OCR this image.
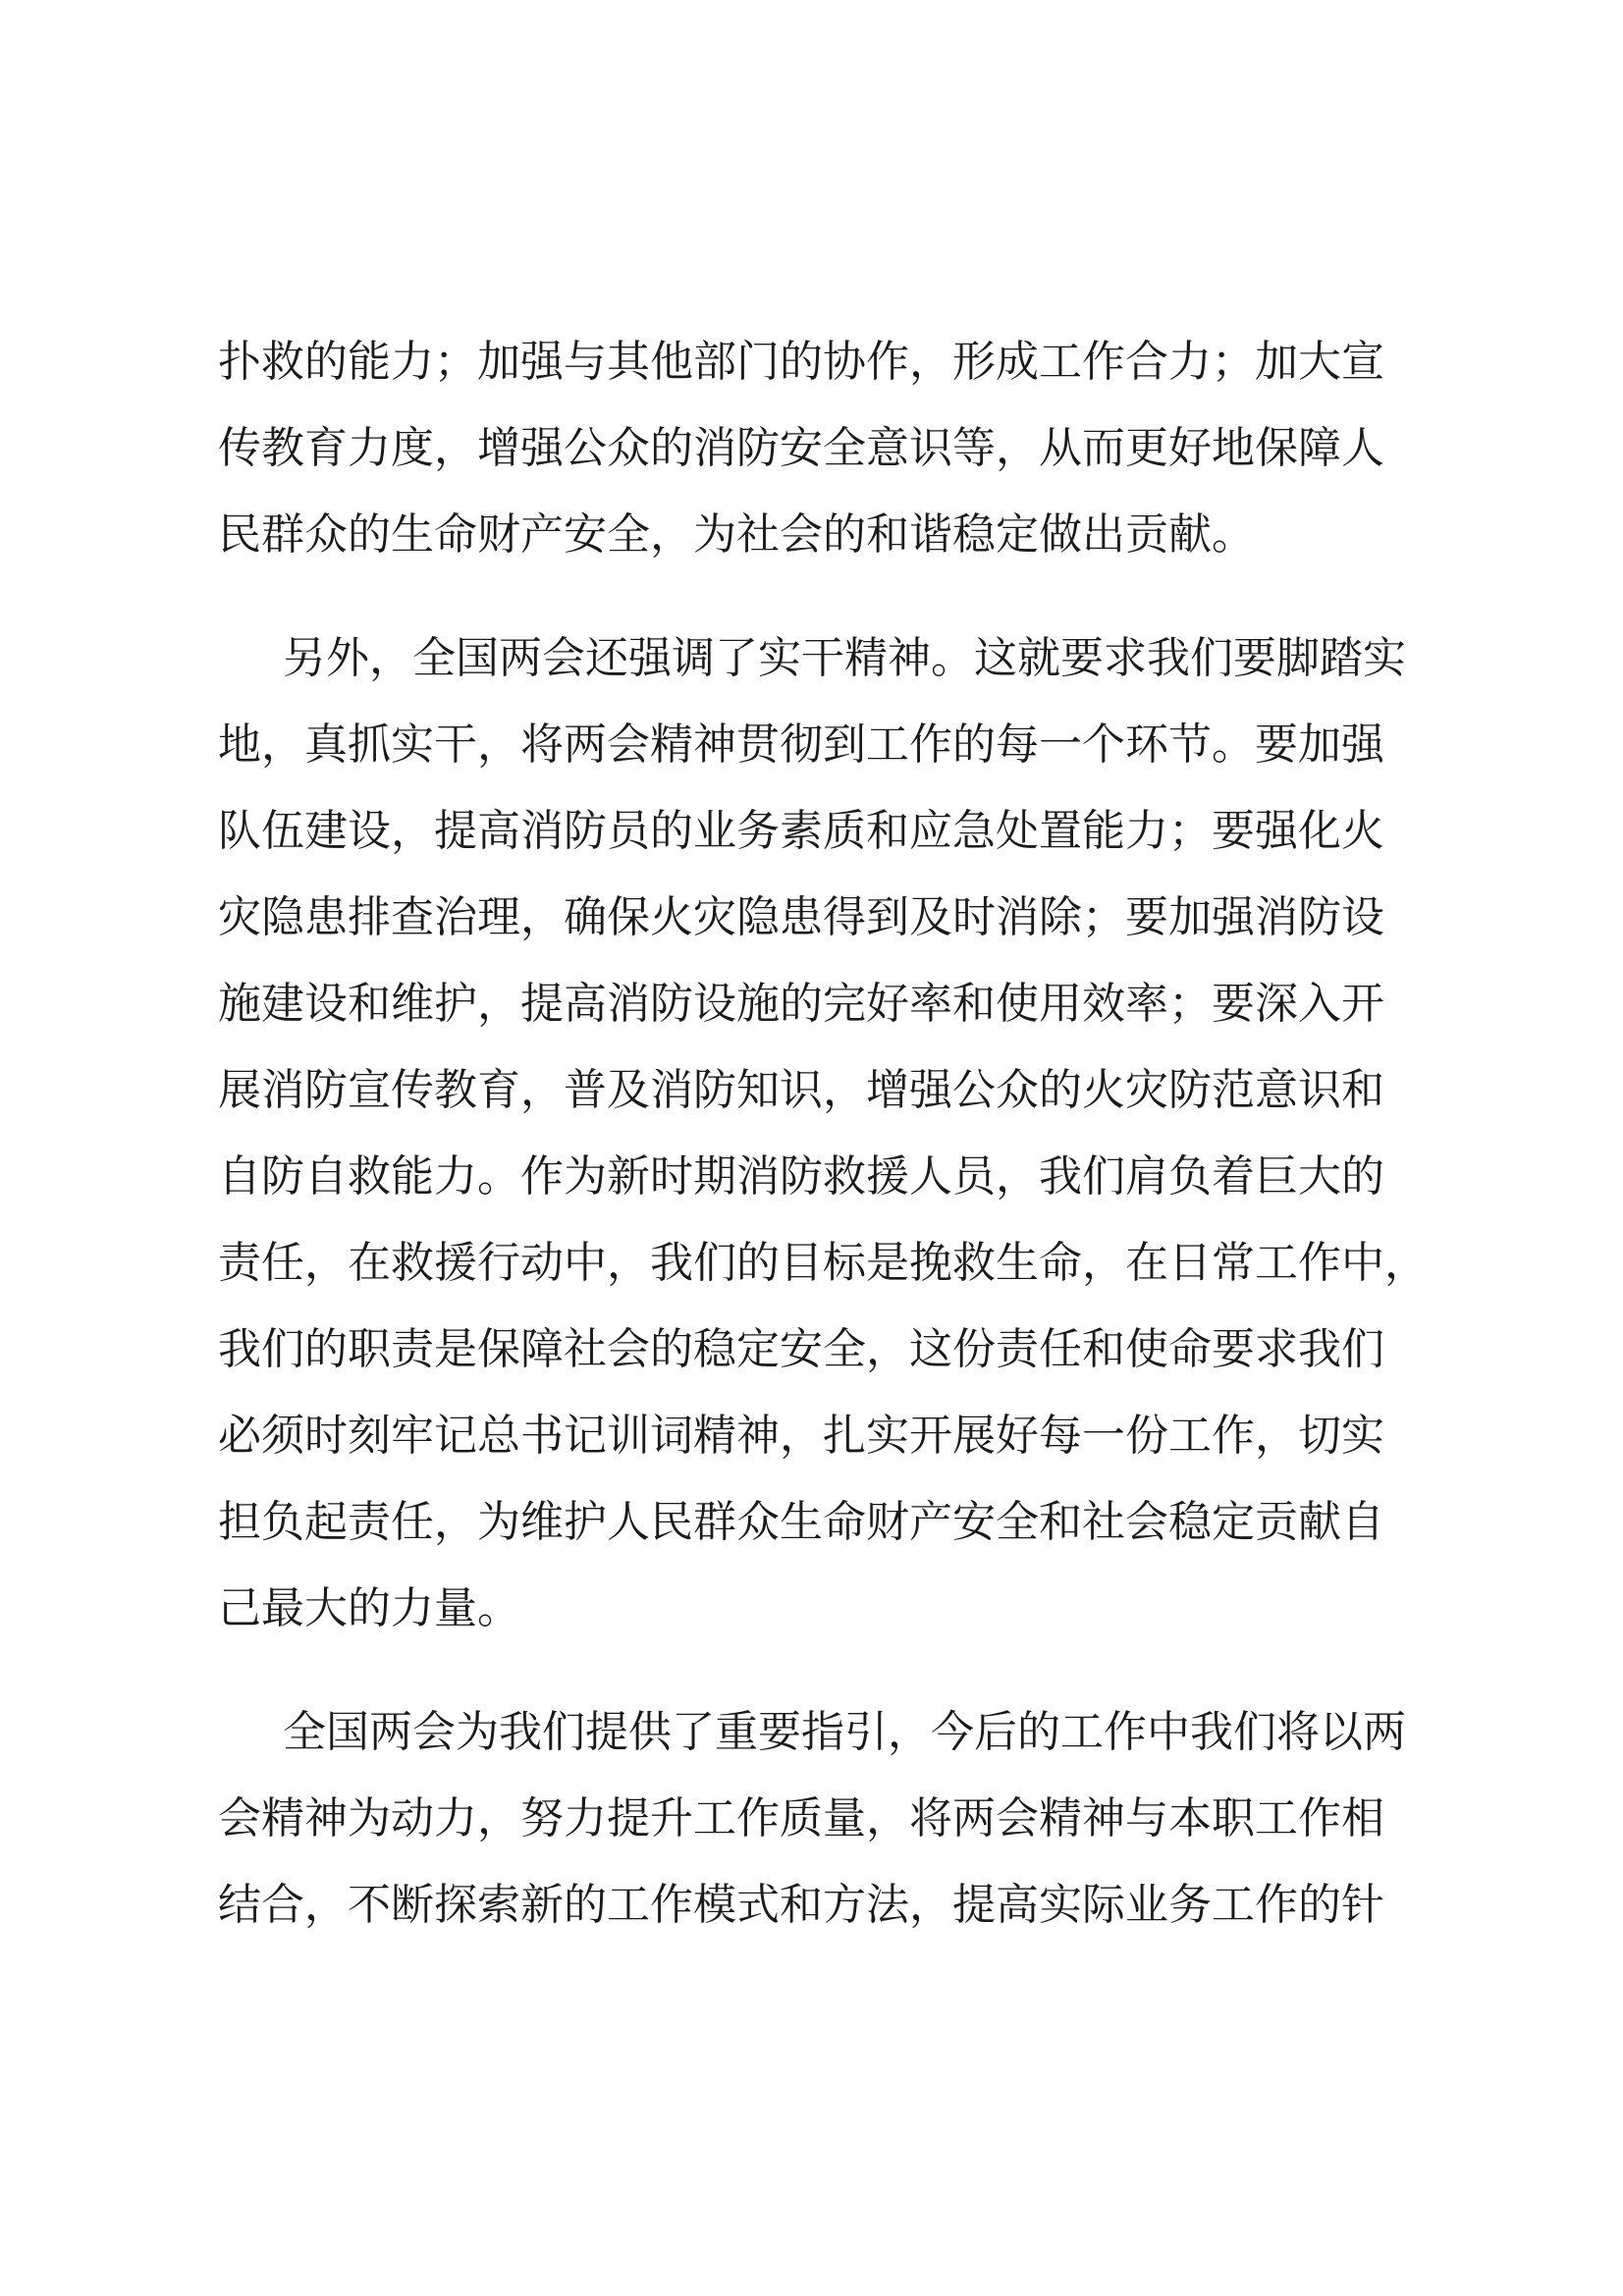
扑救的能力；加强与其他部门的协作，形成工作合力；加大宣
传教育力度，增强公众的消防安全意识等，从而更好地保障人
民群众的生命财产安全，为社会的和谐稳定做出贡献。
另外，全国两会还强调了实干精神。这就要求我们要脚踏实
地，真抓实干，将两会精神贯彻到工作的每一个环节。要加强
队伍建设，提高消防员的业务素质和应急处置能力；要强化火
灾隐患排查治理，确保火灾隐患得到及时消除；要加强消防设
施建设和维护，提高消防设施的完好率和使用效率；要深入开
展消防宣传教育，普及消防知识，增强公众的火灾防范意识和
自防自救能力。作为新时期消防救援人员，我们肩负着巨大的
责任，在救援行动中，我们的目标是挽救生命，在日常工作中，
我们的职责是保障社会的稳定安全，这份责任和使命要求我们
必须时刻牢记总书记训词精神，扎实开展好每一份工作，切实
担负起责任，为维护人民群众生命财产安全和社会稳定贡献自
己最大的力量。
全国两会为我们提供了重要指引，今后的工作中我们将以两
会精神为动力，努力提升工作质量，将两会精神与本职工作相
结合，不断探索新的工作模式和方法，提高实际业务工作的针
